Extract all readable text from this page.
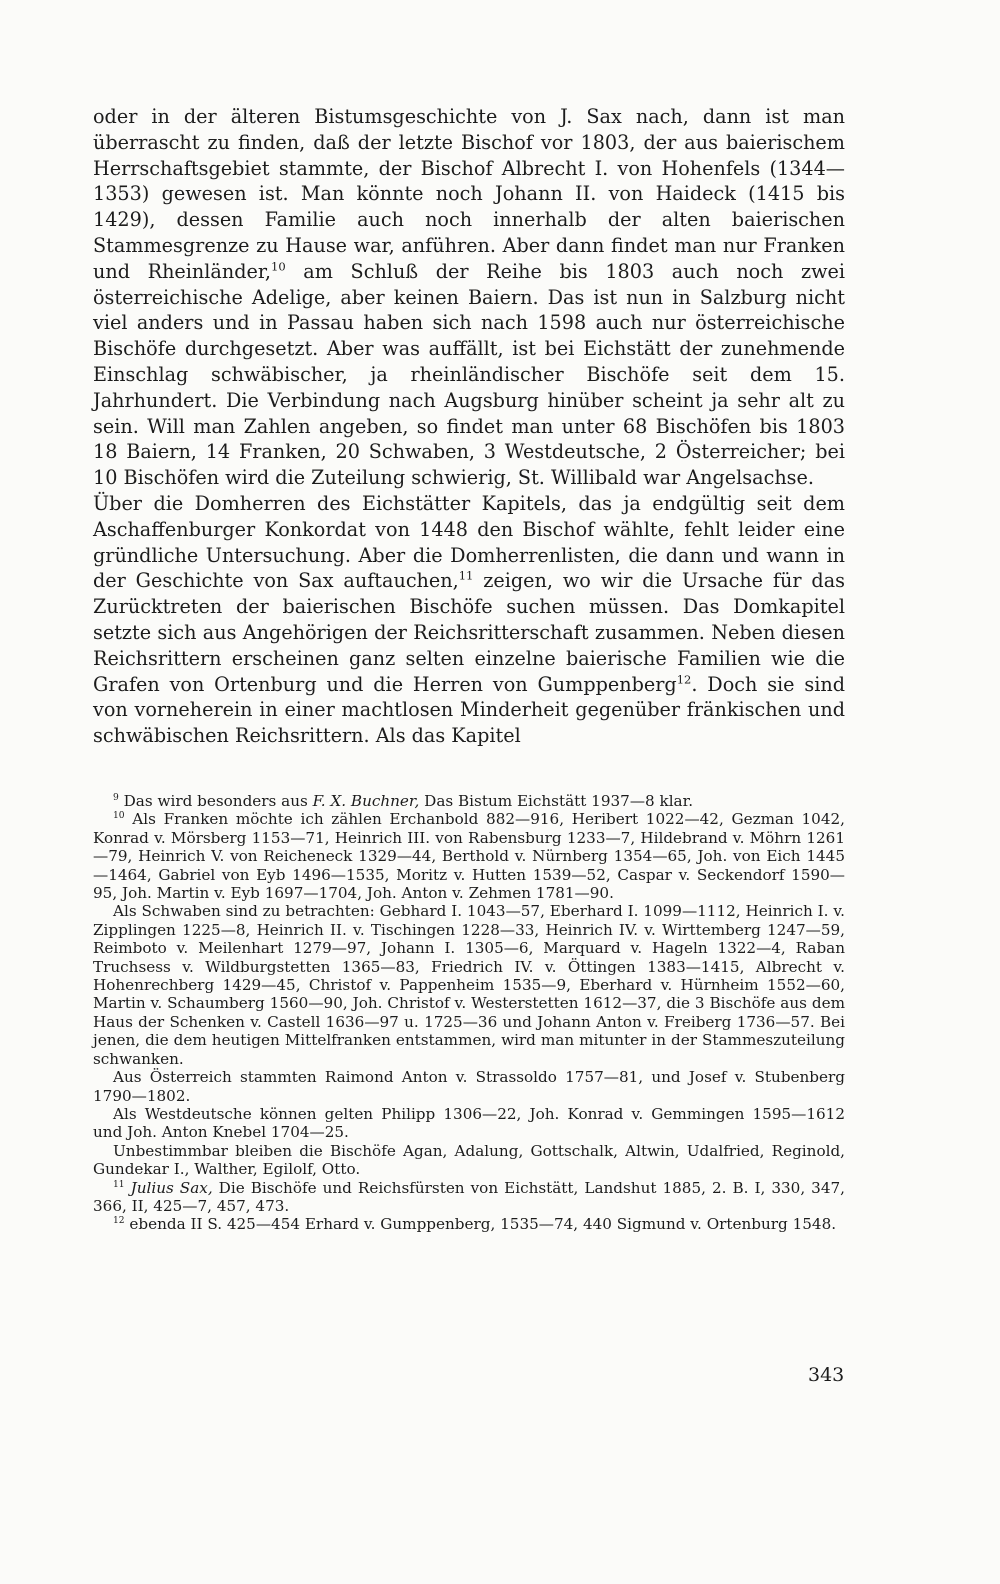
oder in der älteren Bistumsgeschichte von J. Sax nach, dann ist man überrascht zu finden, daß der letzte Bischof vor 1803, der aus baierischem Herrschaftsgebiet stammte, der Bischof Albrecht I. von Hohenfels (1344—1353) gewesen ist. Man könnte noch Johann II. von Haideck (1415 bis 1429), dessen Familie auch noch innerhalb der alten baierischen Stammesgrenze zu Hause war, anführen. Aber dann findet man nur Franken und Rheinländer,$^{10}$ am Schluß der Reihe bis 1803 auch noch zwei österreichische Adelige, aber keinen Baiern. Das ist nun in Salzburg nicht viel anders und in Passau haben sich nach 1598 auch nur österreichische Bischöfe durchgesetzt. Aber was auffällt, ist bei Eichstätt der zunehmende Einschlag schwäbischer, ja rheinländischer Bischöfe seit dem 15. Jahrhundert. Die Verbindung nach Augsburg hinüber scheint ja sehr alt zu sein. Will man Zahlen angeben, so findet man unter 68 Bischöfen bis 1803 18 Baiern, 14 Franken, 20 Schwaben, 3 Westdeutsche, 2 Österreicher; bei 10 Bischöfen wird die Zuteilung schwierig, St. Willibald war Angelsachse.

Über die Domherren des Eichstätter Kapitels, das ja endgültig seit dem Aschaffenburger Konkordat von 1448 den Bischof wählte, fehlt leider eine gründliche Untersuchung. Aber die Domherrenlisten, die dann und wann in der Geschichte von Sax auftauchen,$^{11}$ zeigen, wo wir die Ursache für das Zurücktreten der baierischen Bischöfe suchen müssen. Das Domkapitel setzte sich aus Angehörigen der Reichsritterschaft zusammen. Neben diesen Reichsrittern erscheinen ganz selten einzelne baierische Familien wie die Grafen von Ortenburg und die Herren von Gumppenberg$^{12}$. Doch sie sind von vorneherein in einer machtlosen Minderheit gegenüber fränkischen und schwäbischen Reichsrittern. Als das Kapitel

$^9$ Das wird besonders aus F. X. Buchner, Das Bistum Eichstätt 1937—8 klar.

$^{10}$ Als Franken möchte ich zählen Erchanbold 882—916, Heribert 1022—42, Gezman 1042, Konrad v. Mörsberg 1153—71, Heinrich III. von Rabensburg 1233—7, Hildebrand v. Möhrn 1261—79, Heinrich V. von Reicheneck 1329—44, Berthold v. Nürnberg 1354—65, Joh. von Eich 1445—1464, Gabriel von Eyb 1496—1535, Moritz v. Hutten 1539—52, Caspar v. Seckendorf 1590—95, Joh. Martin v. Eyb 1697—1704, Joh. Anton v. Zehmen 1781—90.

Als Schwaben sind zu betrachten: Gebhard I. 1043—57, Eberhard I. 1099—1112, Heinrich I. v. Zipplingen 1225—8, Heinrich II. v. Tischingen 1228—33, Heinrich IV. v. Wirttemberg 1247—59, Reimboto v. Meilenhart 1279—97, Johann I. 1305—6, Marquard v. Hageln 1322—4, Raban Truchsess v. Wildburgstetten 1365—83, Friedrich IV. v. Öttingen 1383—1415, Albrecht v. Hohenrechberg 1429—45, Christof v. Pappenheim 1535—9, Eberhard v. Hürnheim 1552—60, Martin v. Schaumberg 1560—90, Joh. Christof v. Westerstetten 1612—37, die 3 Bischöfe aus dem Haus der Schenken v. Castell 1636—97 u. 1725—36 und Johann Anton v. Freiberg 1736—57. Bei jenen, die dem heutigen Mittelfranken entstammen, wird man mitunter in der Stammeszuteilung schwanken.

Aus Österreich stammten Raimond Anton v. Strassoldo 1757—81, und Josef v. Stubenberg 1790—1802.

Als Westdeutsche können gelten Philipp 1306—22, Joh. Konrad v. Gemmingen 1595—1612 und Joh. Anton Knebel 1704—25.

Unbestimmbar bleiben die Bischöfe Agan, Adalung, Gottschalk, Altwin, Udalfried, Reginold, Gundekar I., Walther, Egilolf, Otto.

$^{11}$ Julius Sax, Die Bischöfe und Reichsfürsten von Eichstätt, Landshut 1885, 2. B. I, 330, 347, 366, II, 425—7, 457, 473.

$^{12}$ ebenda II S. 425—454 Erhard v. Gumppenberg, 1535—74, 440 Sigmund v. Ortenburg 1548.

343
